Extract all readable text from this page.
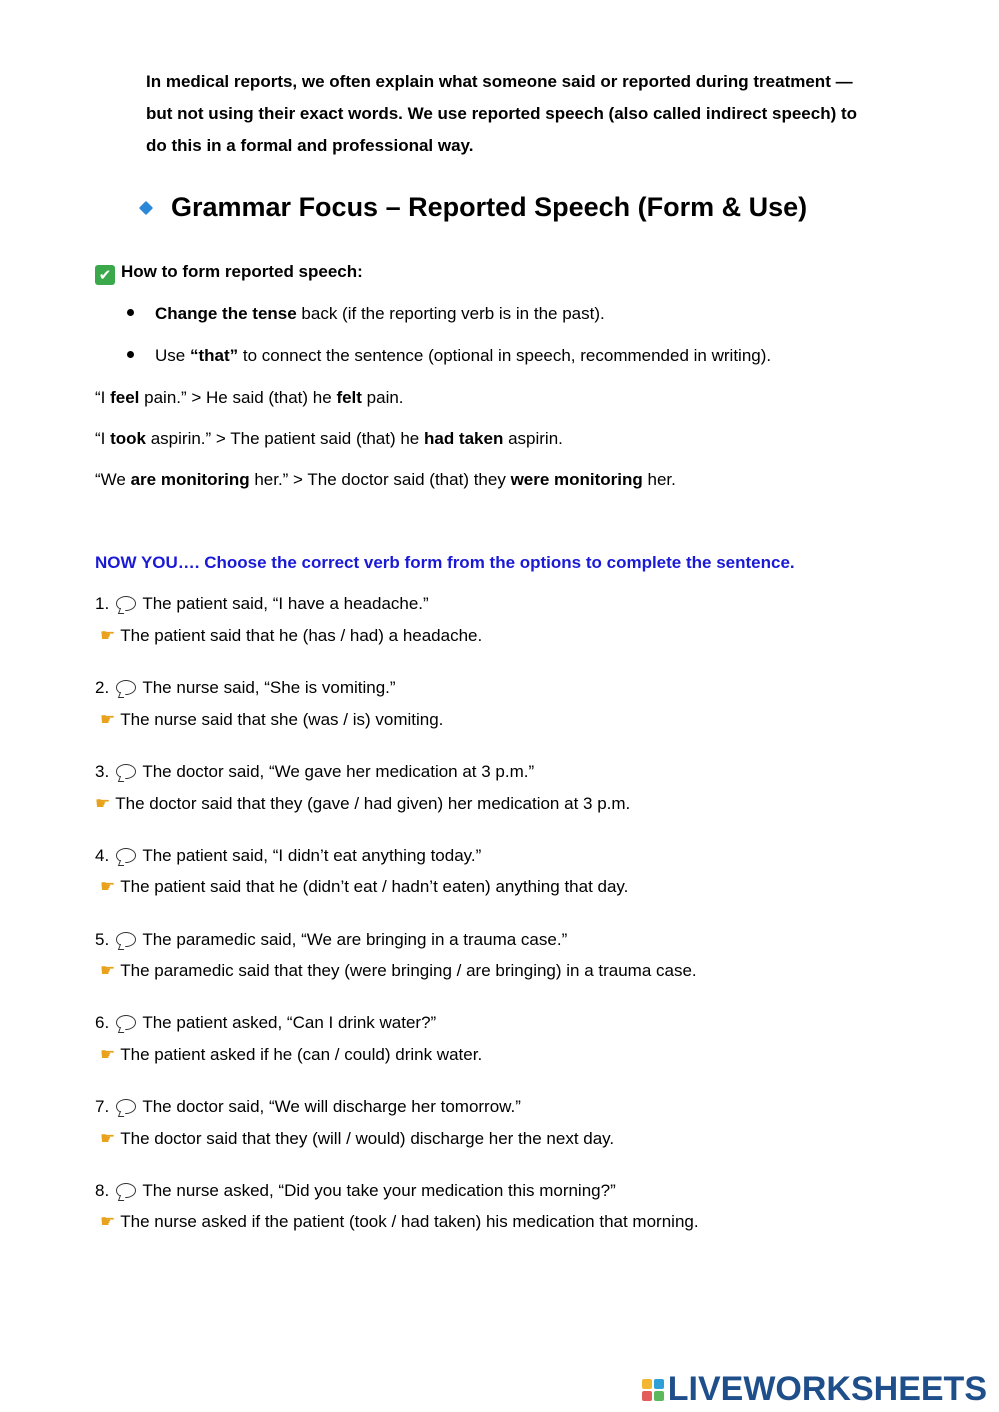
In medical reports, we often explain what someone said or reported during treatment — but not using their exact words. We use reported speech (also called indirect speech) to do this in a formal and professional way.
Grammar Focus – Reported Speech (Form & Use)
✔ How to form reported speech:
Change the tense back (if the reporting verb is in the past).
Use “that” to connect the sentence (optional in speech, recommended in writing).
“I feel pain.” > He said (that) he felt pain.
“I took aspirin.” > The patient said (that) he had taken aspirin.
“We are monitoring her.” > The doctor said (that) they were monitoring her.
NOW YOU…. Choose the correct verb form from the options to complete the sentence.
1. The patient said, “I have a headache.”
☛ The patient said that he (has / had) a headache.
2. The nurse said, “She is vomiting.”
☛ The nurse said that she (was / is) vomiting.
3. The doctor said, “We gave her medication at 3 p.m.”
☛ The doctor said that they (gave / had given) her medication at 3 p.m.
4. The patient said, “I didn’t eat anything today.”
☛ The patient said that he (didn’t eat / hadn’t eaten) anything that day.
5. The paramedic said, “We are bringing in a trauma case.”
☛ The paramedic said that they (were bringing / are bringing) in a trauma case.
6. The patient asked, “Can I drink water?”
☛ The patient asked if he (can / could) drink water.
7. The doctor said, “We will discharge her tomorrow.”
☛ The doctor said that they (will / would) discharge her the next day.
8. The nurse asked, “Did you take your medication this morning?”
☛ The nurse asked if the patient (took / had taken) his medication that morning.
LIVEWORKSHEETS
